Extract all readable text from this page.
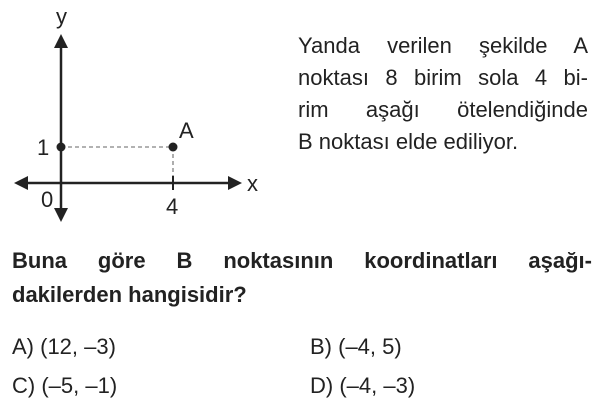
y
x
1
4
0
A
Yanda verilen şekilde A
noktası 8 birim sola 4 bi-
rim aşağı ötelendiğinde
B noktası elde ediliyor.
Buna göre B noktasının koordinatları aşağı-
dakilerden hangisidir?
A) (12, –3)	B) (–4, 5)
C) (–5, –1)	D) (–4, –3)
